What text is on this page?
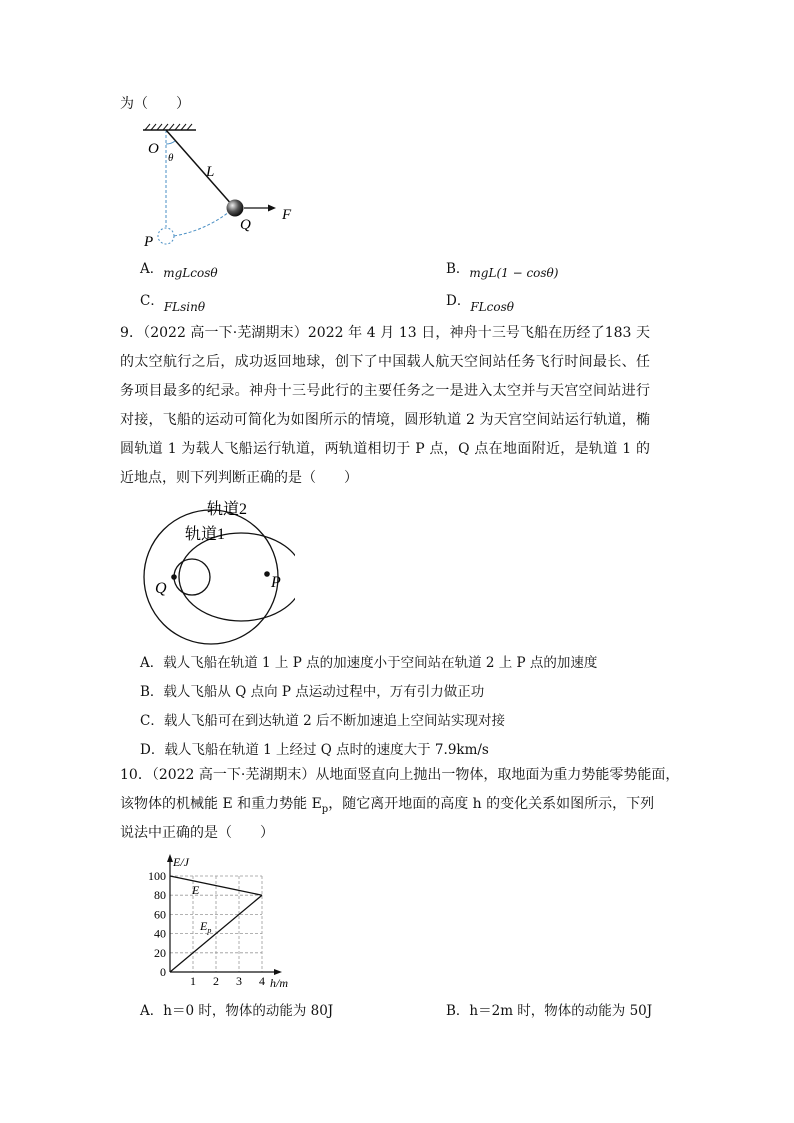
为（　　）
O
θ
L
Q
F
P
A．mgLcosθ	B．mgL(1 − cosθ)
C．FLsinθ	D．FLcosθ
9．（2022 高一下·芜湖期末）2022 年 4 月 13 日，神舟十三号飞船在历经了183 天的太空航行之后，成功返回地球，创下了中国载人航天空间站任务飞行时间最长、任务项目最多的纪录。神舟十三号此行的主要任务之一是进入太空并与天宫空间站进行对接，飞船的运动可简化为如图所示的情境，圆形轨道 2 为天宫空间站运行轨道，椭圆轨道 1 为载人飞船运行轨道，两轨道相切于 P 点，Q 点在地面附近，是轨道 1 的近地点，则下列判断正确的是（　　）
轨道2
轨道1
Q	P
A．载人飞船在轨道 1 上 P 点的加速度小于空间站在轨道 2 上 P 点的加速度
B．载人飞船从 Q 点向 P 点运动过程中，万有引力做正功
C．载人飞船可在到达轨道 2 后不断加速追上空间站实现对接
D．载人飞船在轨道 1 上经过 Q 点时的速度大于 7.9km/s
10．（2022 高一下·芜湖期末）从地面竖直向上抛出一物体，取地面为重力势能零势能面，
该物体的机械能 E 和重力势能 $E_p$，随它离开地面的高度 h 的变化关系如图所示，下列
说法中正确的是（　　）
1 2 3 4
0
20
40
60
80
100
E/J
h/m
E
$E_p$
A．h＝0 时，物体的动能为 80J	B．h＝2m 时，物体的动能为 50J
